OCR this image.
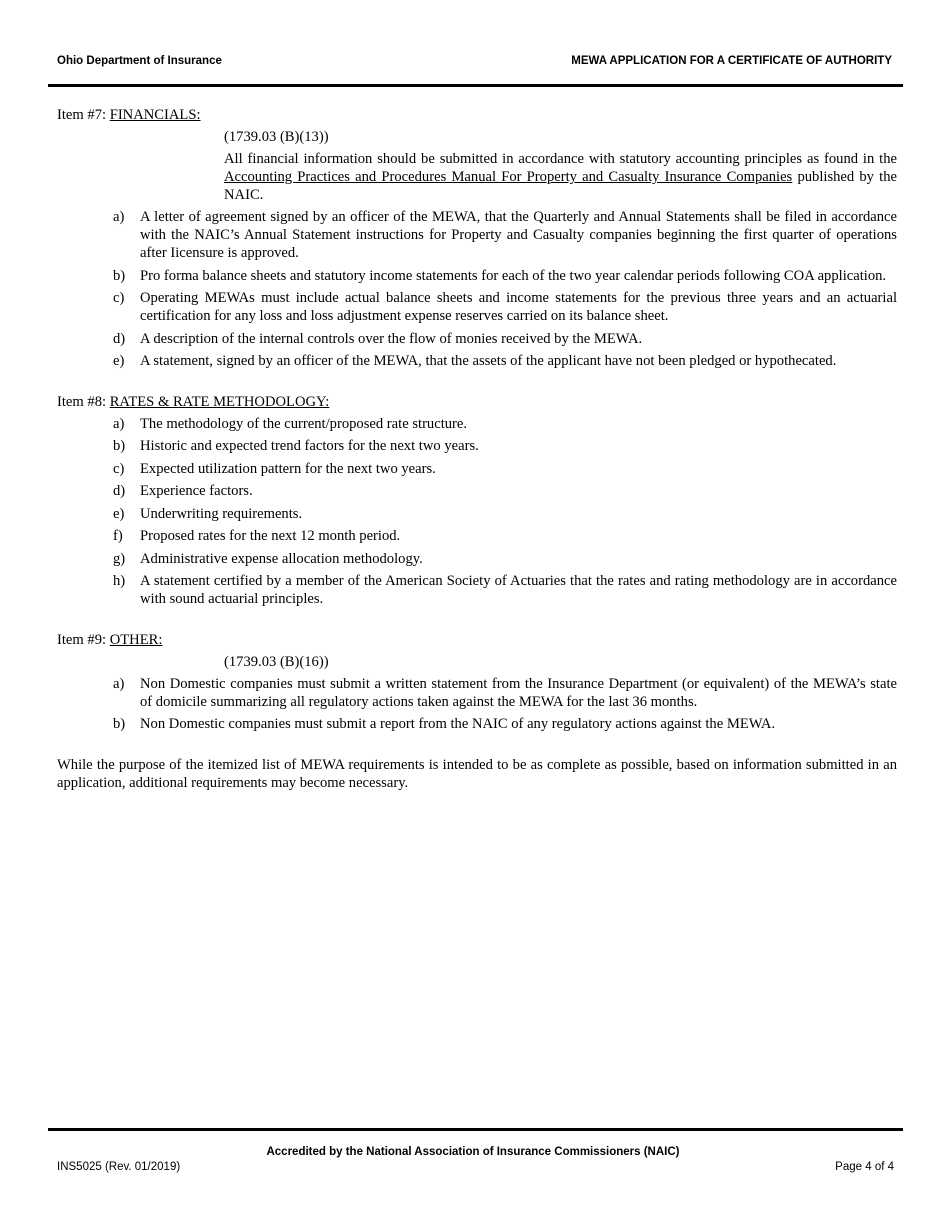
Ohio Department of Insurance	MEWA APPLICATION FOR A CERTIFICATE OF AUTHORITY

Item #7: FINANCIALS:

(1739.03 (B)(13))

All financial information should be submitted in accordance with statutory accounting principles as found in the Accounting Practices and Procedures Manual For Property and Casualty Insurance Companies published by the NAIC.

a) A letter of agreement signed by an officer of the MEWA, that the Quarterly and Annual Statements shall be filed in accordance with the NAIC’s Annual Statement instructions for Property and Casualty companies beginning the first quarter of operations after Iicensure is approved.
b) Pro forma balance sheets and statutory income statements for each of the two year calendar periods following COA application.
c) Operating MEWAs must include actual balance sheets and income statements for the previous three years and an actuarial certification for any loss and loss adjustment expense reserves carried on its balance sheet.
d) A description of the internal controls over the flow of monies received by the MEWA.
e) A statement, signed by an officer of the MEWA, that the assets of the applicant have not been pledged or hypothecated.

Item #8: RATES & RATE METHODOLOGY:

a) The methodology of the current/proposed rate structure.
b) Historic and expected trend factors for the next two years.
c) Expected utilization pattern for the next two years.
d) Experience factors.
e) Underwriting requirements.
f) Proposed rates for the next 12 month period.
g) Administrative expense allocation methodology.
h) A statement certified by a member of the American Society of Actuaries that the rates and rating methodology are in accordance with sound actuarial principles.

Item #9: OTHER:

(1739.03 (B)(16))

a) Non Domestic companies must submit a written statement from the Insurance Department (or equivalent) of the MEWA’s state of domicile summarizing all regulatory actions taken against the MEWA for the last 36 months.
b) Non Domestic companies must submit a report from the NAIC of any regulatory actions against the MEWA.

While the purpose of the itemized list of MEWA requirements is intended to be as complete as possible, based on information submitted in an application, additional requirements may become necessary.

Accredited by the National Association of Insurance Commissioners (NAIC)
INS5025 (Rev. 01/2019)	Page 4 of 4
